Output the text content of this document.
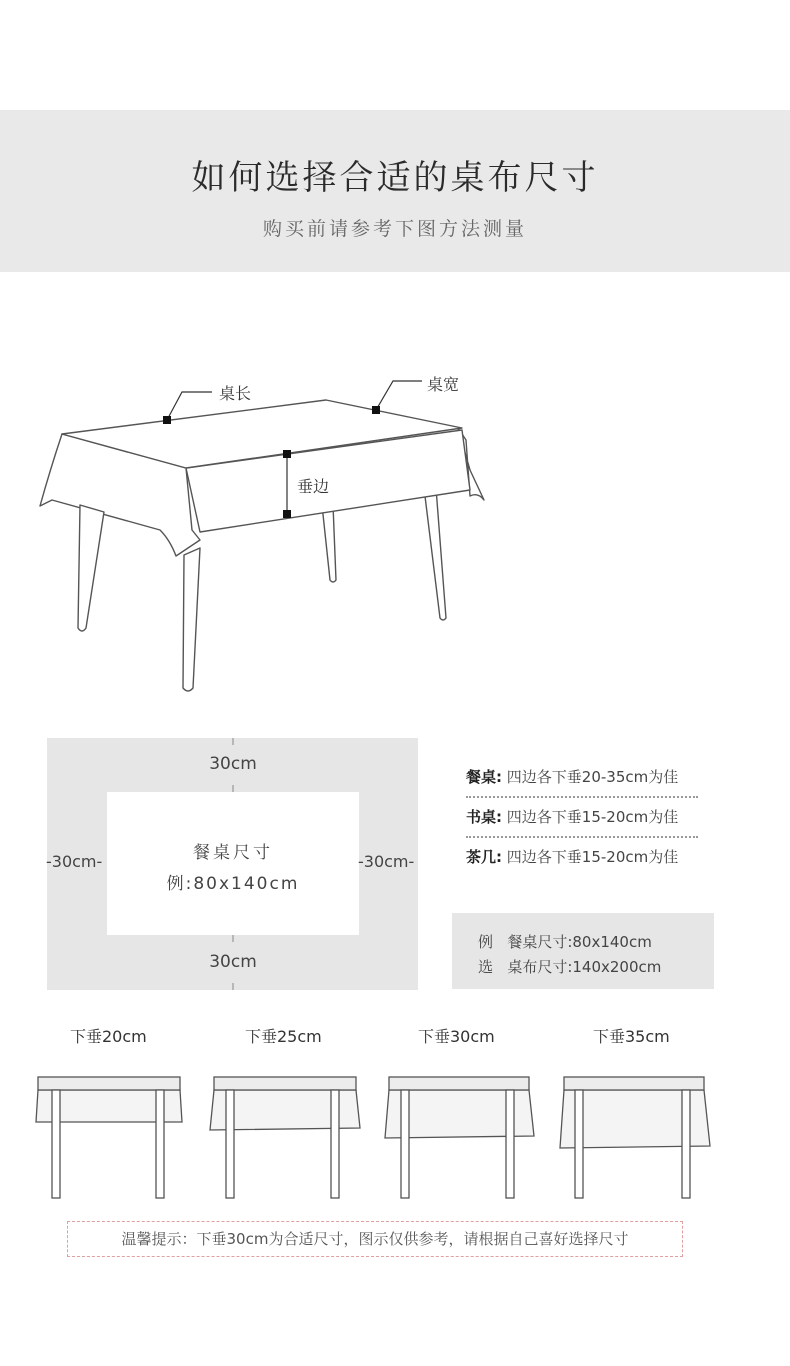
如何选择合适的桌布尺寸
购买前请参考下图方法测量
桌长	桌宽
垂边
30cm
30cm
-30cm-	-30cm-
餐桌尺寸
例:80x140cm
餐桌: 四边各下垂20-35cm为佳
书桌: 四边各下垂15-20cm为佳
茶几: 四边各下垂15-20cm为佳
例 餐桌尺寸:80x140cm
选 桌布尺寸:140x200cm
下垂20cm	下垂25cm	下垂30cm	下垂35cm
温馨提示：下垂30cm为合适尺寸，图示仅供参考，请根据自己喜好选择尺寸
